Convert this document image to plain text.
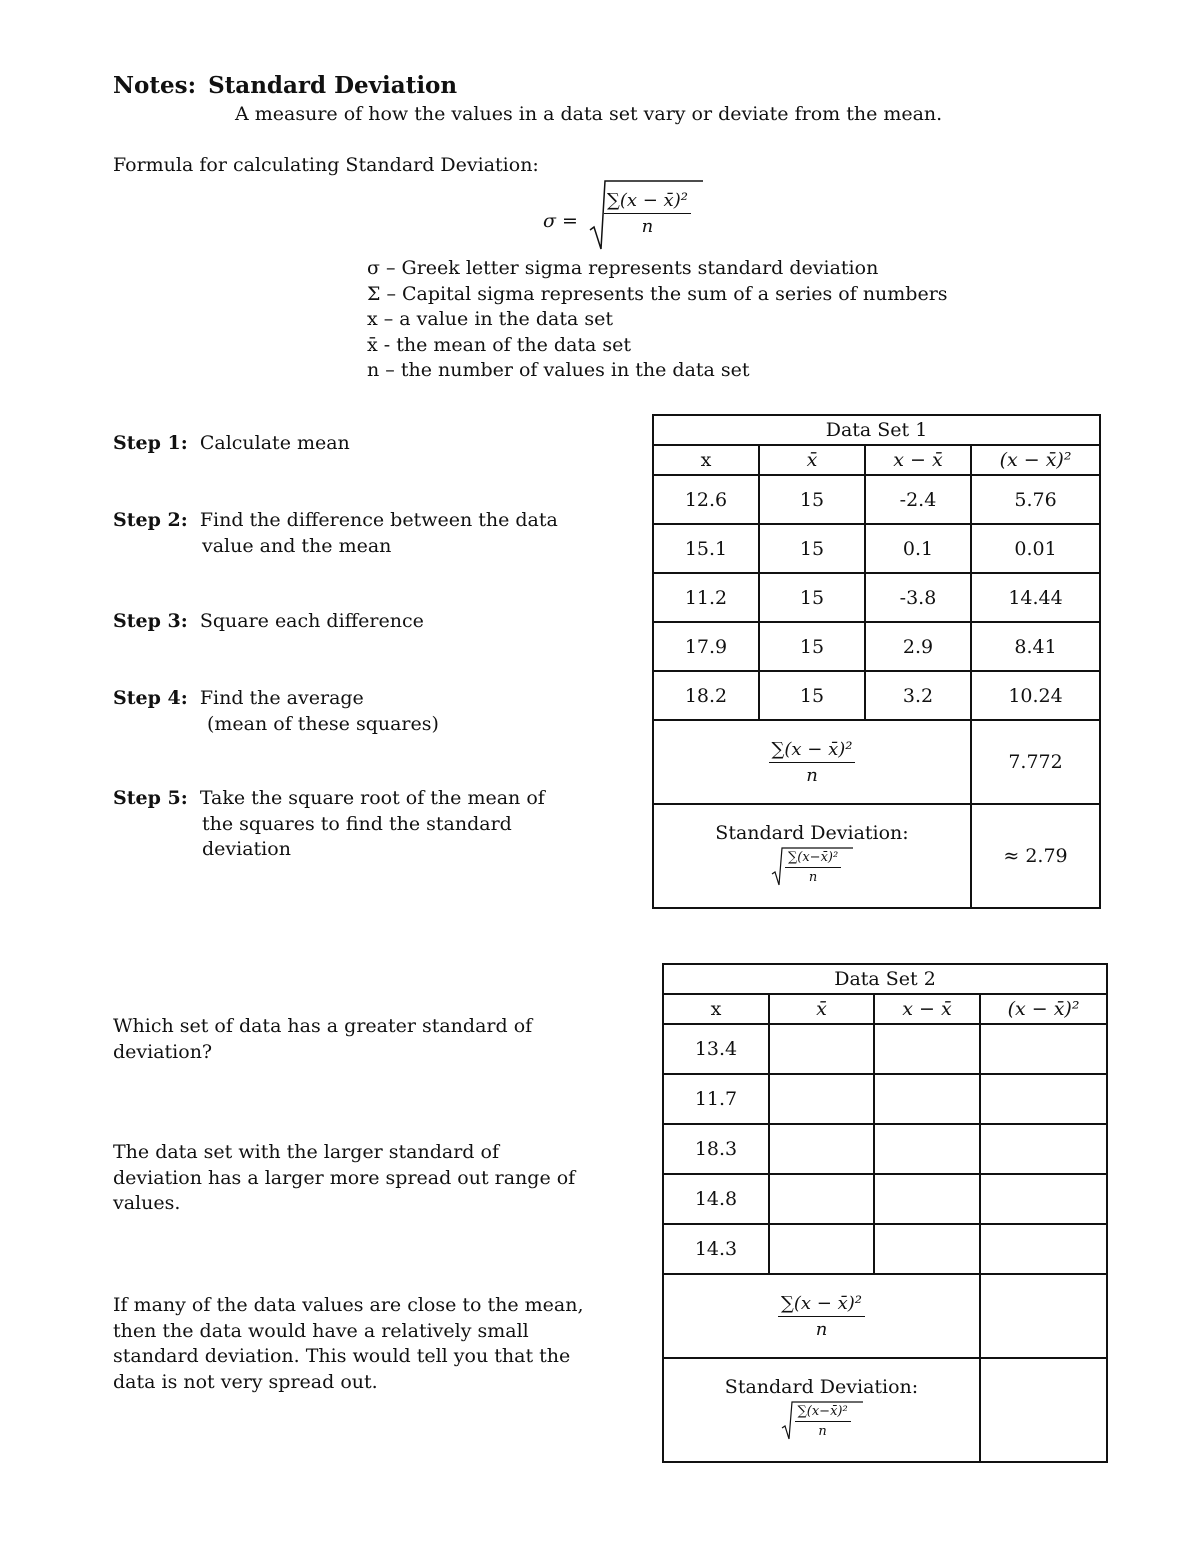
Notes: Standard Deviation
A measure of how the values in a data set vary or deviate from the mean.
Formula for calculating Standard Deviation:
$\sigma = \frac{\text{∑(x − x̄)²}}{n}$
σ – Greek letter sigma represents standard deviation
Σ – Capital sigma represents the sum of a series of numbers
x – a value in the data set
x̄ - the mean of the data set
n – the number of values in the data set
Step 1: Calculate mean
Step 2: Find the difference between the data
value and the mean
Step 3: Square each difference
Step 4: Find the average
(mean of these squares)
Step 5: Take the square root of the mean of
the squares to find the standard
deviation
Which set of data has a greater standard of
deviation?
The data set with the larger standard of
deviation has a larger more spread out range of
values.
If many of the data values are close to the mean,
then the data would have a relatively small
standard deviation. This would tell you that the
data is not very spread out.
Data Set 1			
x	x̄	x − x̄	(x − x̄)²
12.6	15	-2.4	5.76
15.1	15	0.1	0.01
11.2	15	-3.8	14.44
17.9	15	2.9	8.41
18.2	15	3.2	10.24

$\frac{\text{∑(x − x̄)²}}{n}$			7.772

Standard Deviation:
$\frac{\text{∑(x−x̄)²}}{n}$			≈ 2.79
Data Set 2			
x	x̄	x − x̄	(x − x̄)²
13.4			
11.7			
18.3			
14.8			
14.3			

$\frac{\text{∑(x − x̄)²}}{n}$

Standard Deviation:
$\frac{\text{∑(x−x̄)²}}{n}$
